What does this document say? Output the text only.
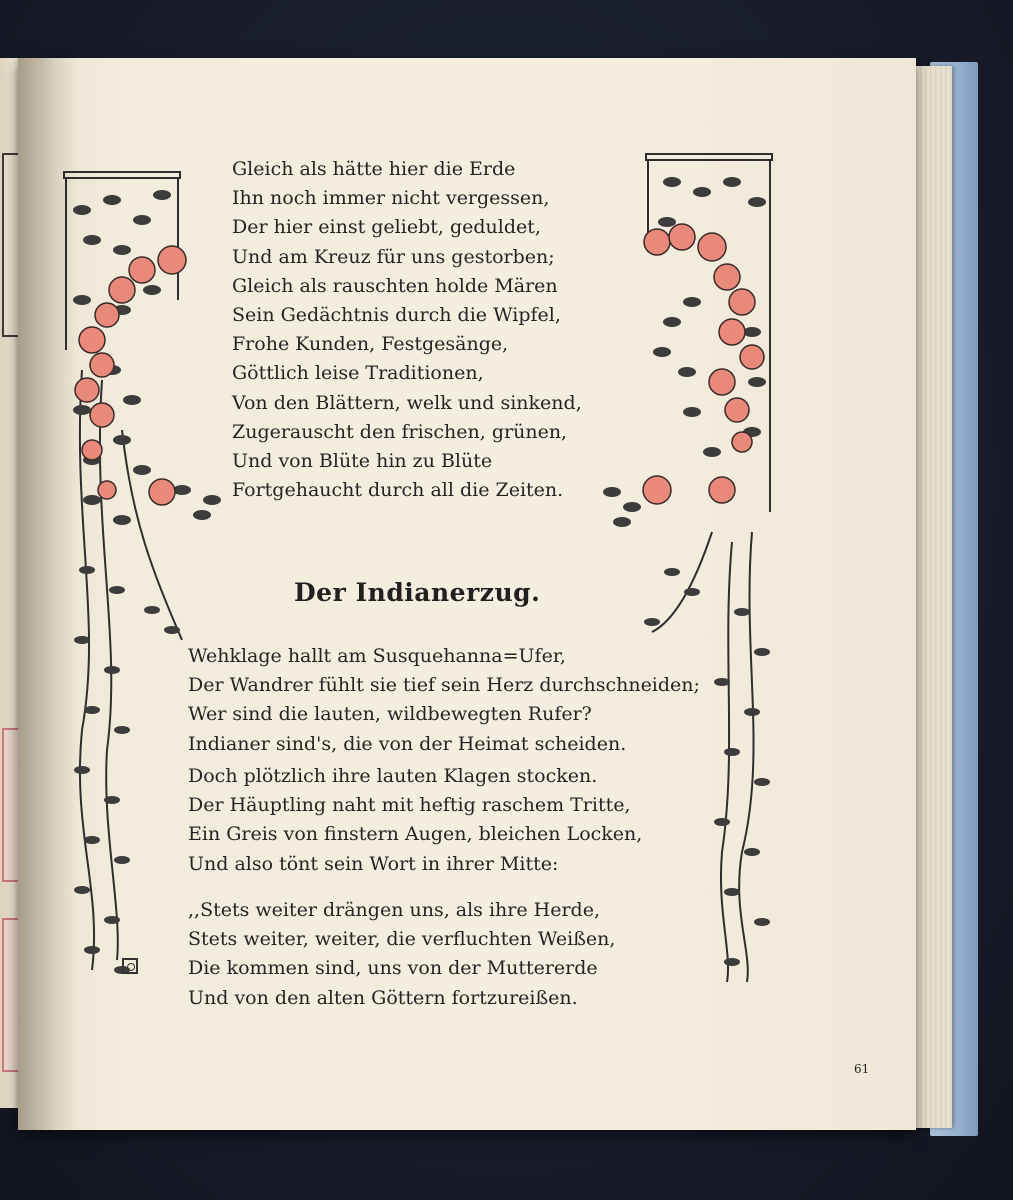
Gleich als hätte hier die Erde
Ihn noch immer nicht vergessen,
Der hier einst geliebt, geduldet,
Und am Kreuz für uns gestorben;
Gleich als rauschten holde Mären
Sein Gedächtnis durch die Wipfel,
Frohe Kunden, Festgesänge,
Göttlich leise Traditionen,
Von den Blättern, welk und sinkend,
Zugerauscht den frischen, grünen,
Und von Blüte hin zu Blüte
Fortgehaucht durch all die Zeiten.
Der Indianerzug.
Wehklage hallt am Susquehanna=Ufer,
Der Wandrer fühlt sie tief sein Herz durchschneiden;
Wer sind die lauten, wildbewegten Rufer?
Indianer sind's, die von der Heimat scheiden.
Doch plötzlich ihre lauten Klagen stocken.
Der Häuptling naht mit heftig raschem Tritte,
Ein Greis von finstern Augen, bleichen Locken,
Und also tönt sein Wort in ihrer Mitte:
,,Stets weiter drängen uns, als ihre Herde,
Stets weiter, weiter, die verfluchten Weißen,
Die kommen sind, uns von der Muttererde
Und von den alten Göttern fortzureißen.
61
